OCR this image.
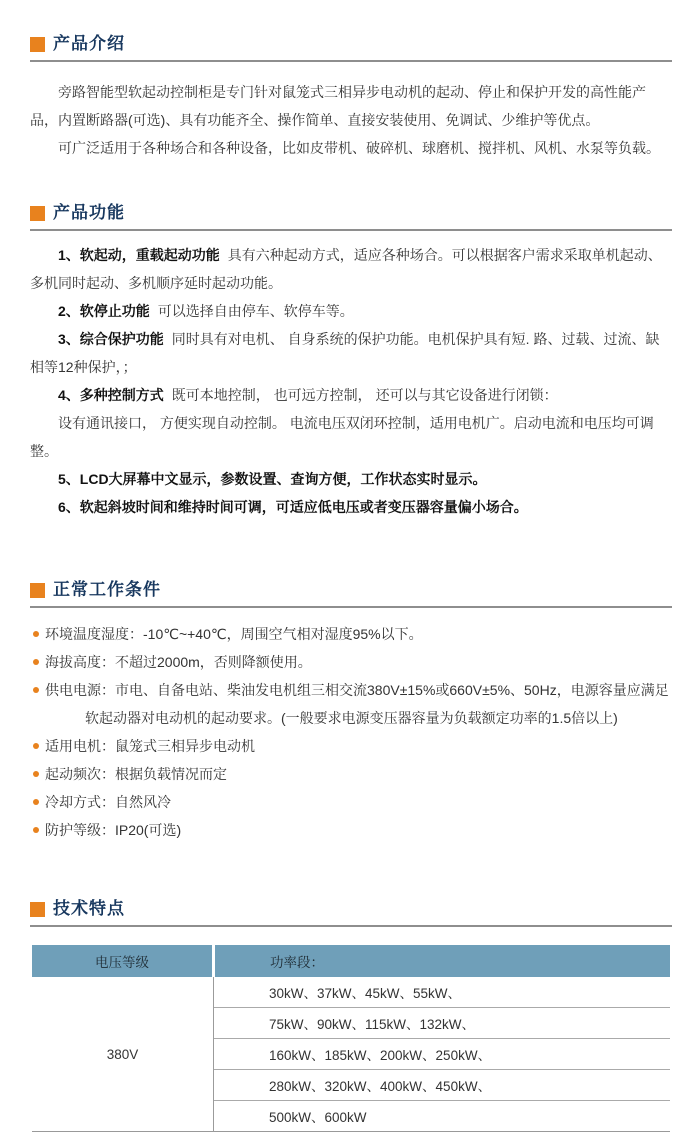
产品介绍

旁路智能型软起动控制柜是专门针对鼠笼式三相异步电动机的起动、停止和保护开发的高性能产品，内置断路器(可选)、具有功能齐全、操作简单、直接安装使用、免调试、少维护等优点。

可广泛适用于各种场合和各种设备，比如皮带机、破碎机、球磨机、搅拌机、风机、水泵等负载。

产品功能

1、软起动，重载起动功能 具有六种起动方式，适应各种场合。可以根据客户需求采取单机起动、多机同时起动、多机顺序延时起动功能。

2、软停止功能 可以选择自由停车、软停车等。

3、综合保护功能 同时具有对电机、 自身系统的保护功能。电机保护具有短. 路、过载、过流、缺相等12种保护，；

4、多种控制方式 既可本地控制， 也可远方控制， 还可以与其它设备进行闭锁：

设有通讯接口， 方便实现自动控制。 电流电压双闭环控制，适用电机广。启动电流和电压均可调整。

5、LCD大屏幕中文显示，参数设置、查询方便，工作状态实时显示。

6、软起斜坡时间和维持时间可调，可适应低电压或者变压器容量偏小场合。

正常工作条件
环境温度湿度：-10℃~+40℃，周围空气相对湿度95%以下。
海拔高度：不超过2000m，否则降额使用。
供电电源：市电、自备电站、柴油发电机组三相交流380V±15%或660V±5%、50Hz，电源容量应满足软起动器对电动机的起动要求。(一般要求电源变压器容量为负载额定功率的1.5倍以上)
适用电机：鼠笼式三相异步电动机
起动频次：根据负载情况而定
冷却方式：自然风冷
防护等级：IP20(可选)
技术特点
电压等级	功率段：
380V	30kW、37kW、45kW、55kW、
	75kW、90kW、115kW、132kW、
	160kW、185kW、200kW、250kW、
	280kW、320kW、400kW、450kW、
	500kW、600kW
